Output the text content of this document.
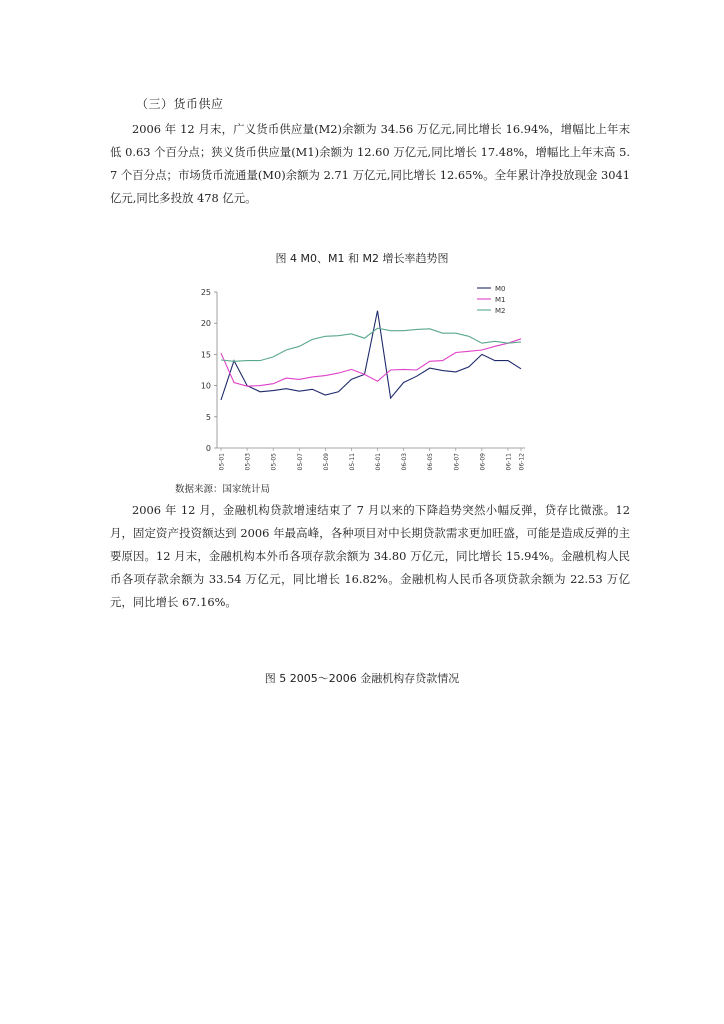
（三）货币供应
2006 年 12 月末，广义货币供应量(M2)余额为 34.56 万亿元,同比增长 16.94%，增幅比上年末低 0.63 个百分点；狭义货币供应量(M1)余额为 12.60 万亿元,同比增长 17.48%，增幅比上年末高 5.7 个百分点；市场货币流通量(M0)余额为 2.71 万亿元,同比增长 12.65%。全年累计净投放现金 3041 亿元,同比多投放 478 亿元。
图 4 M0、M1 和 M2 增长率趋势图
0
5
10
15
20
25
05-01	05-03	05-05	05-07	05-09	05-11	06-01	06-03	06-05	06-07	06-09	06-11 06-12
M0
M1
M2
数据来源：国家统计局
2006 年 12 月，金融机构贷款增速结束了 7 月以来的下降趋势突然小幅反弹，贷存比微涨。12 月，固定资产投资额达到 2006 年最高峰，各种项目对中长期贷款需求更加旺盛，可能是造成反弹的主要原因。12 月末，金融机构本外币各项存款余额为 34.80 万亿元，同比增长 15.94%。金融机构人民币各项存款余额为 33.54 万亿元，同比增长 16.82%。金融机构人民币各项贷款余额为 22.53 万亿元，同比增长 67.16%。
图 5 2005～2006 金融机构存贷款情况
